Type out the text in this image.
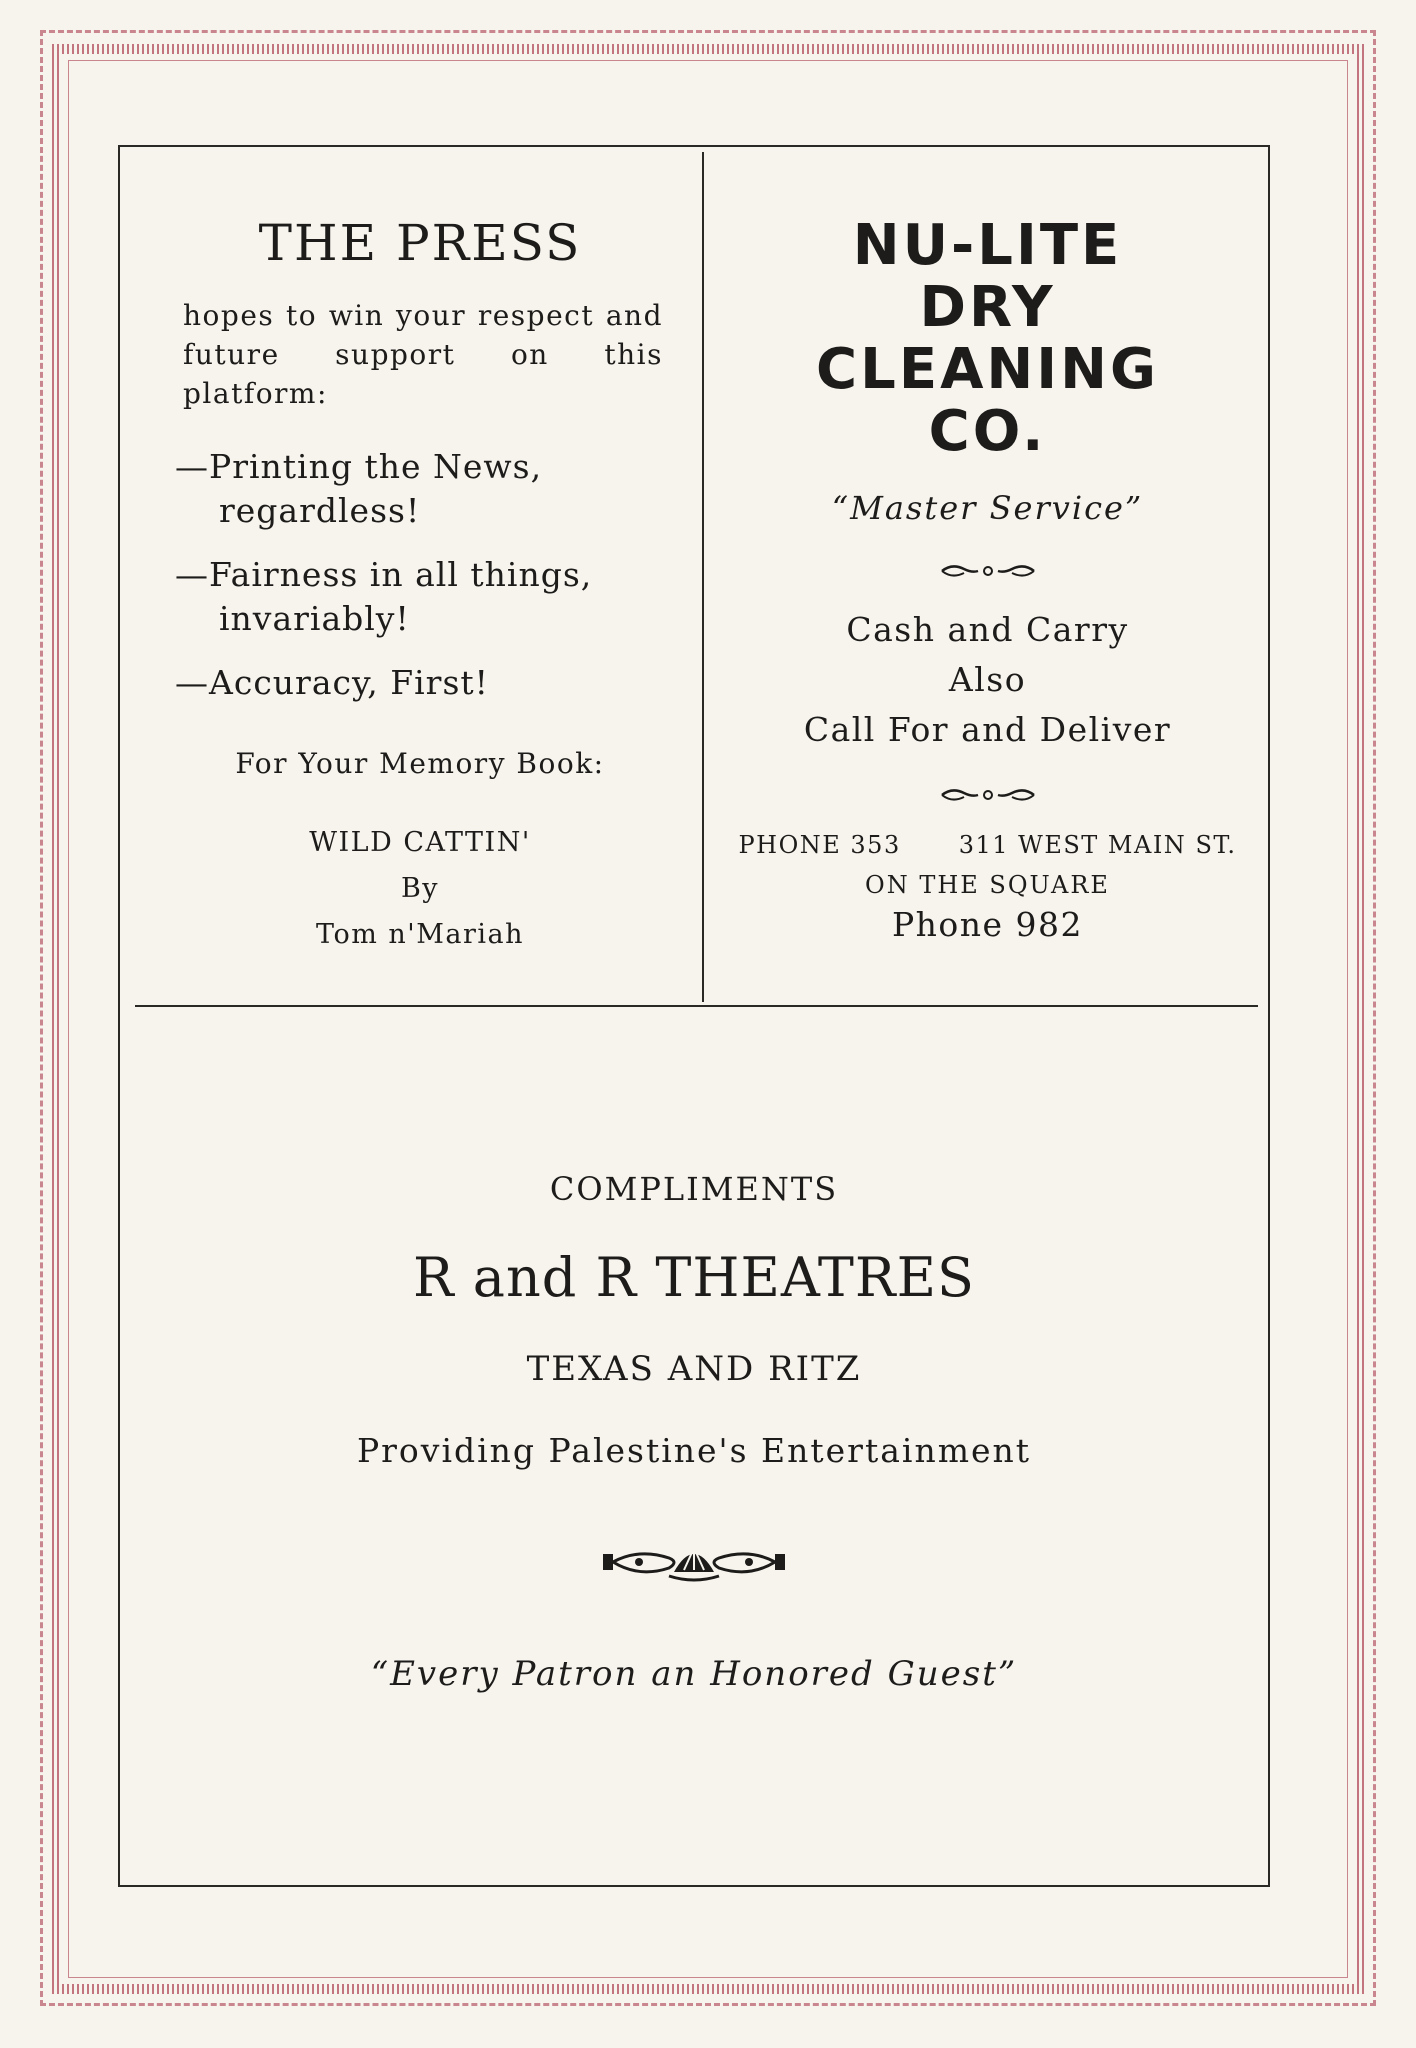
THE PRESS
hopes to win your respect and future support on this platform:
—Printing the News,
regardless!
—Fairness in all things,
invariably!
—Accuracy, First!
For Your Memory Book:
WILD CATTIN'
By
Tom n'Mariah
NU-LITE
DRY
CLEANING
CO.
“Master Service”
Cash and Carry
Also
Call For and Deliver
PHONE 353 311 WEST MAIN ST.
ON THE SQUARE
Phone 982
COMPLIMENTS
R and R THEATRES
TEXAS AND RITZ
Providing Palestine's Entertainment
“Every Patron an Honored Guest”
